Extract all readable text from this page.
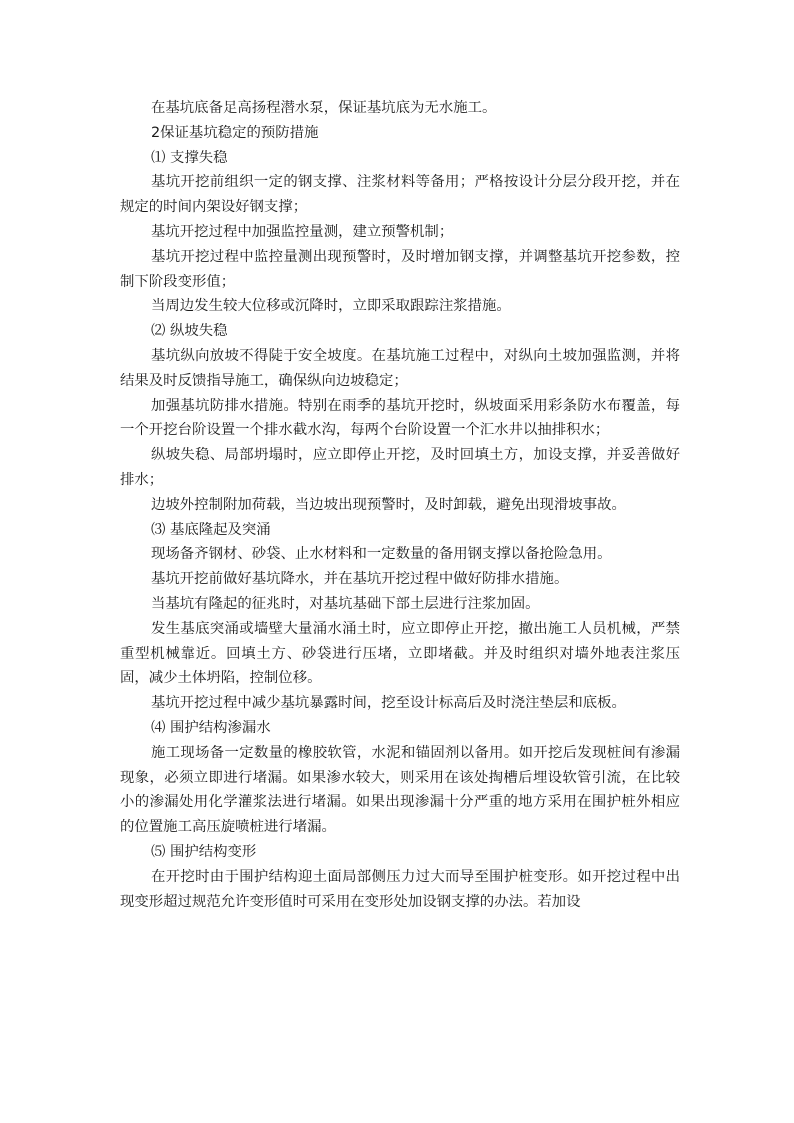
在基坑底备足高扬程潜水泵，保证基坑底为无水施工。

2保证基坑稳定的预防措施

⑴ 支撑失稳

基坑开挖前组织一定的钢支撑、注浆材料等备用；严格按设计分层分段开挖，并在规定的时间内架设好钢支撑；

基坑开挖过程中加强监控量测，建立预警机制；

基坑开挖过程中监控量测出现预警时，及时增加钢支撑，并调整基坑开挖参数，控制下阶段变形值；

当周边发生较大位移或沉降时，立即采取跟踪注浆措施。

⑵ 纵坡失稳

基坑纵向放坡不得陡于安全坡度。在基坑施工过程中，对纵向土坡加强监测，并将结果及时反馈指导施工，确保纵向边坡稳定；

加强基坑防排水措施。特别在雨季的基坑开挖时，纵坡面采用彩条防水布覆盖，每一个开挖台阶设置一个排水截水沟，每两个台阶设置一个汇水井以抽排积水；

纵坡失稳、局部坍塌时，应立即停止开挖，及时回填土方，加设支撑，并妥善做好排水；

边坡外控制附加荷载，当边坡出现预警时，及时卸载，避免出现滑坡事故。

⑶ 基底隆起及突涌

现场备齐钢材、砂袋、止水材料和一定数量的备用钢支撑以备抢险急用。

基坑开挖前做好基坑降水，并在基坑开挖过程中做好防排水措施。

当基坑有隆起的征兆时，对基坑基础下部土层进行注浆加固。

发生基底突涌或墙壁大量涌水涌土时，应立即停止开挖，撤出施工人员机械，严禁重型机械靠近。回填土方、砂袋进行压堵，立即堵截。并及时组织对墙外地表注浆压固，减少土体坍陷，控制位移。

基坑开挖过程中减少基坑暴露时间，挖至设计标高后及时浇注垫层和底板。

⑷ 围护结构渗漏水

施工现场备一定数量的橡胶软管，水泥和锚固剂以备用。如开挖后发现桩间有渗漏现象，必须立即进行堵漏。如果渗水较大，则采用在该处掏槽后埋设软管引流，在比较小的渗漏处用化学灌浆法进行堵漏。如果出现渗漏十分严重的地方采用在围护桩外相应的位置施工高压旋喷桩进行堵漏。

⑸ 围护结构变形

在开挖时由于围护结构迎土面局部侧压力过大而导至围护桩变形。如开挖过程中出现变形超过规范允许变形值时可采用在变形处加设钢支撑的办法。若加设
